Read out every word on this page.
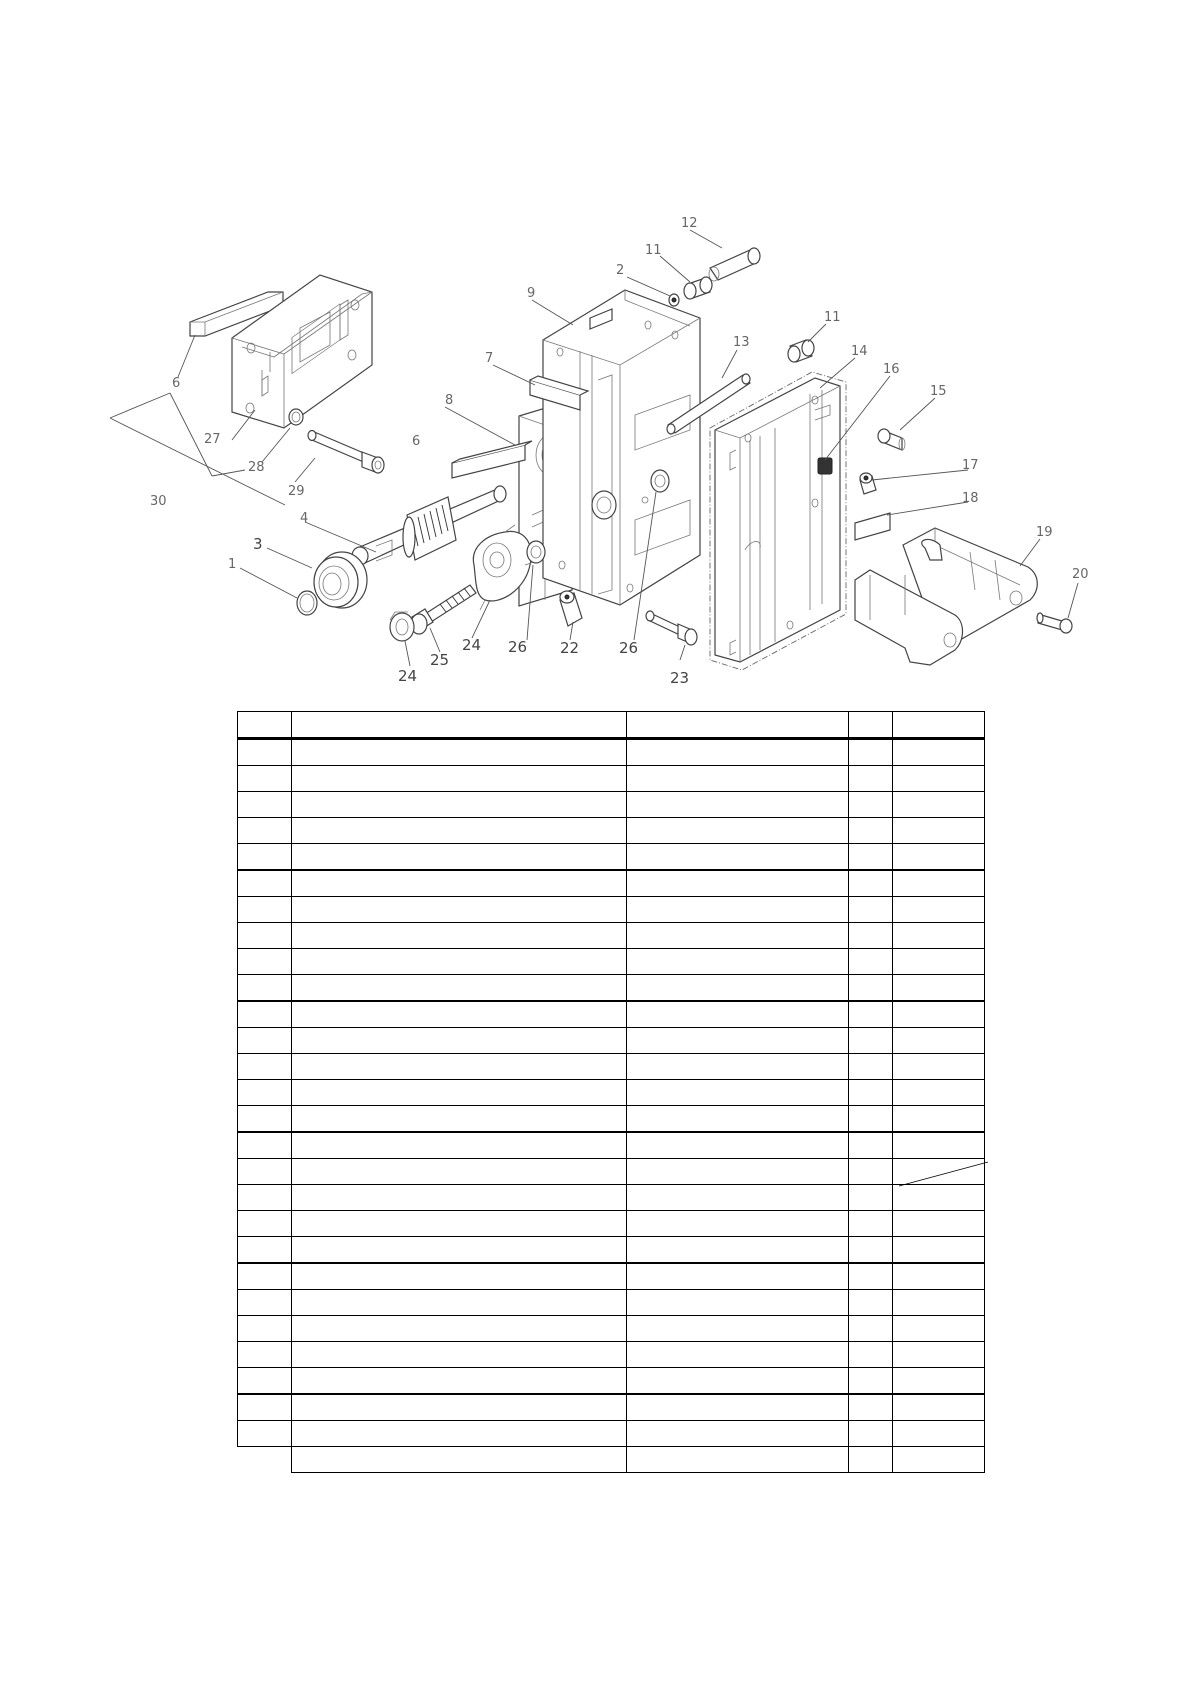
1
2
3
4
6
6
7
8
9
11
11
12
13
14
15
16
17
18
19
20
22
23
24
24
25
26	26
27
28
29
30
